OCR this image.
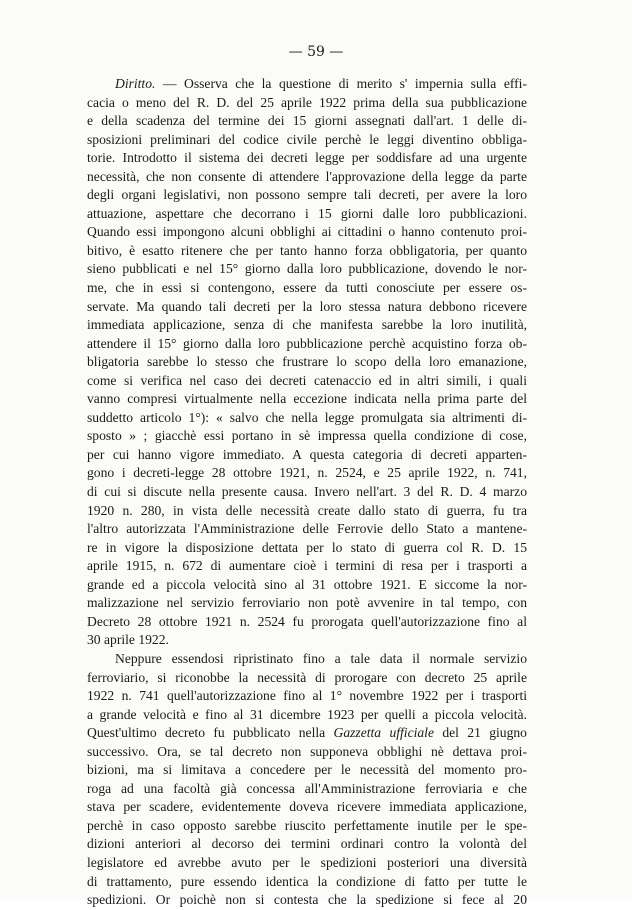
— 59 —

Diritto. — Osserva che la questione di merito s' impernia sulla effi-
cacia o meno del R. D. del 25 aprile 1922 prima della sua pubblicazione
e della scadenza del termine dei 15 giorni assegnati dall'art. 1 delle di-
sposizioni preliminari del codice civile perchè le leggi diventino obbliga-
torie. Introdotto il sistema dei decreti legge per soddisfare ad una urgente
necessità, che non consente di attendere l'approvazione della legge da parte
degli organi legislativi, non possono sempre tali decreti, per avere la loro
attuazione, aspettare che decorrano i 15 giorni dalle loro pubblicazioni.
Quando essi impongono alcuni obblighi ai cittadini o hanno contenuto proi-
bitivo, è esatto ritenere che per tanto hanno forza obbligatoria, per quanto
sieno pubblicati e nel 15° giorno dalla loro pubblicazione, dovendo le nor-
me, che in essi si contengono, essere da tutti conosciute per essere os-
servate. Ma quando tali decreti per la loro stessa natura debbono ricevere
immediata applicazione, senza di che manifesta sarebbe la loro inutilità,
attendere il 15° giorno dalla loro pubblicazione perchè acquistino forza ob-
bligatoria sarebbe lo stesso che frustrare lo scopo della loro emanazione,
come si verifica nel caso dei decreti catenaccio ed in altri simili, i quali
vanno compresi virtualmente nella eccezione indicata nella prima parte del
suddetto articolo 1°): « salvo che nella legge promulgata sia altrimenti di-
sposto » ; giacchè essi portano in sè impressa quella condizione di cose,
per cui hanno vigore immediato. A questa categoria di decreti apparten-
gono i decreti-legge 28 ottobre 1921, n. 2524, e 25 aprile 1922, n. 741,
di cui si discute nella presente causa. Invero nell'art. 3 del R. D. 4 marzo
1920 n. 280, in vista delle necessità create dallo stato di guerra, fu tra
l'altro autorizzata l'Amministrazione delle Ferrovie dello Stato a mantene-
re in vigore la disposizione dettata per lo stato di guerra col R. D. 15
aprile 1915, n. 672 di aumentare cioè i termini di resa per i trasporti a
grande ed a piccola velocità sino al 31 ottobre 1921. E siccome la nor-
malizzazione nel servizio ferroviario non potè avvenire in tal tempo, con
Decreto 28 ottobre 1921 n. 2524 fu prorogata quell'autorizzazione fino al
30 aprile 1922.
Neppure essendosi ripristinato fino a tale data il normale servizio
ferroviario, si riconobbe la necessità di prorogare con decreto 25 aprile
1922 n. 741 quell'autorizzazione fino al 1° novembre 1922 per i trasporti
a grande velocità e fino al 31 dicembre 1923 per quelli a piccola velocità.
Quest'ultimo decreto fu pubblicato nella Gazzetta ufficiale del 21 giugno
successivo. Ora, se tal decreto non supponeva obblighi nè dettava proi-
bizioni, ma si limitava a concedere per le necessità del momento pro-
roga ad una facoltà già concessa all'Amministrazione ferroviaria e che
stava per scadere, evidentemente doveva ricevere immediata applicazione,
perchè in caso opposto sarebbe riuscito perfettamente inutile per le spe-
dizioni anteriori al decorso dei termini ordinari contro la volontà del
legislatore ed avrebbe avuto per le spedizioni posteriori una diversità
di trattamento, pure essendo identica la condizione di fatto per tutte le
spedizioni. Or poichè non si contesta che la spedizione si fece al 20
